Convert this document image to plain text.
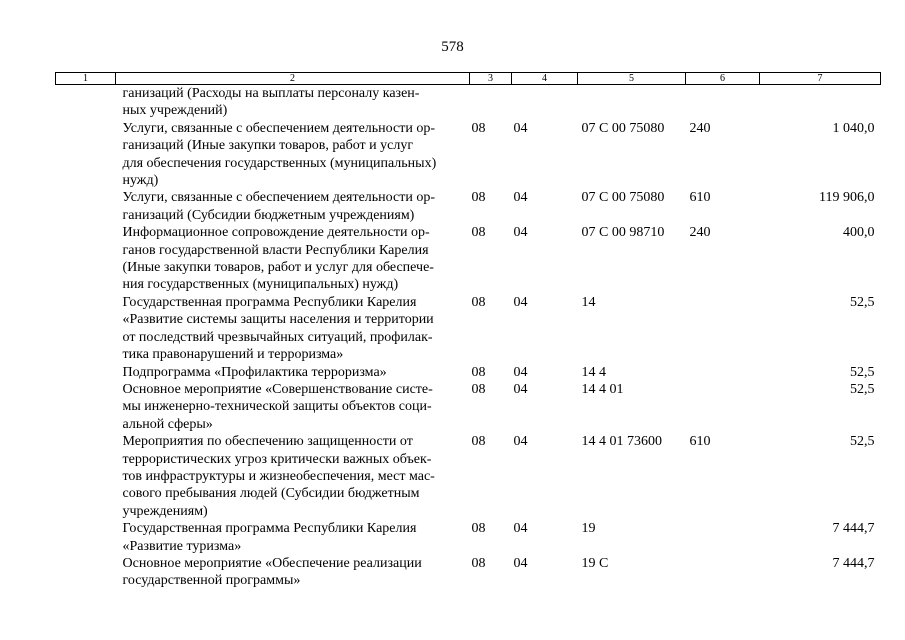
578
1	2	3	4	5	6	7
	ганизаций (Расходы на выплаты персоналу казен-
ных учреждений)					
	Услуги, связанные с обеспечением деятельности ор-
ганизаций (Иные закупки товаров, работ и услуг
для обеспечения государственных (муниципальных)
нужд)	08	04	07 С 00 75080	240	1 040,0
	Услуги, связанные с обеспечением деятельности ор-
ганизаций (Субсидии бюджетным учреждениям)	08	04	07 С 00 75080	610	119 906,0
	Информационное сопровождение деятельности ор-
ганов государственной власти Республики Карелия
(Иные закупки товаров, работ и услуг для обеспече-
ния государственных (муниципальных) нужд)	08	04	07 С 00 98710	240	400,0
	Государственная программа Республики Карелия
«Развитие системы защиты населения и территории
от последствий чрезвычайных ситуаций, профилак-
тика правонарушений и терроризма»	08	04	14		52,5
	Подпрограмма «Профилактика терроризма»	08	04	14 4		52,5
	Основное мероприятие «Совершенствование систе-
мы инженерно-технической защиты объектов соци-
альной сферы»	08	04	14 4 01		52,5
	Мероприятия по обеспечению защищенности от
террористических угроз критически важных объек-
тов инфраструктуры и жизнеобеспечения, мест мас-
сового пребывания людей (Субсидии бюджетным
учреждениям)	08	04	14 4 01 73600	610	52,5
	Государственная программа Республики Карелия
«Развитие туризма»	08	04	19		7 444,7
	Основное мероприятие «Обеспечение реализации
государственной программы»	08	04	19 С		7 444,7
